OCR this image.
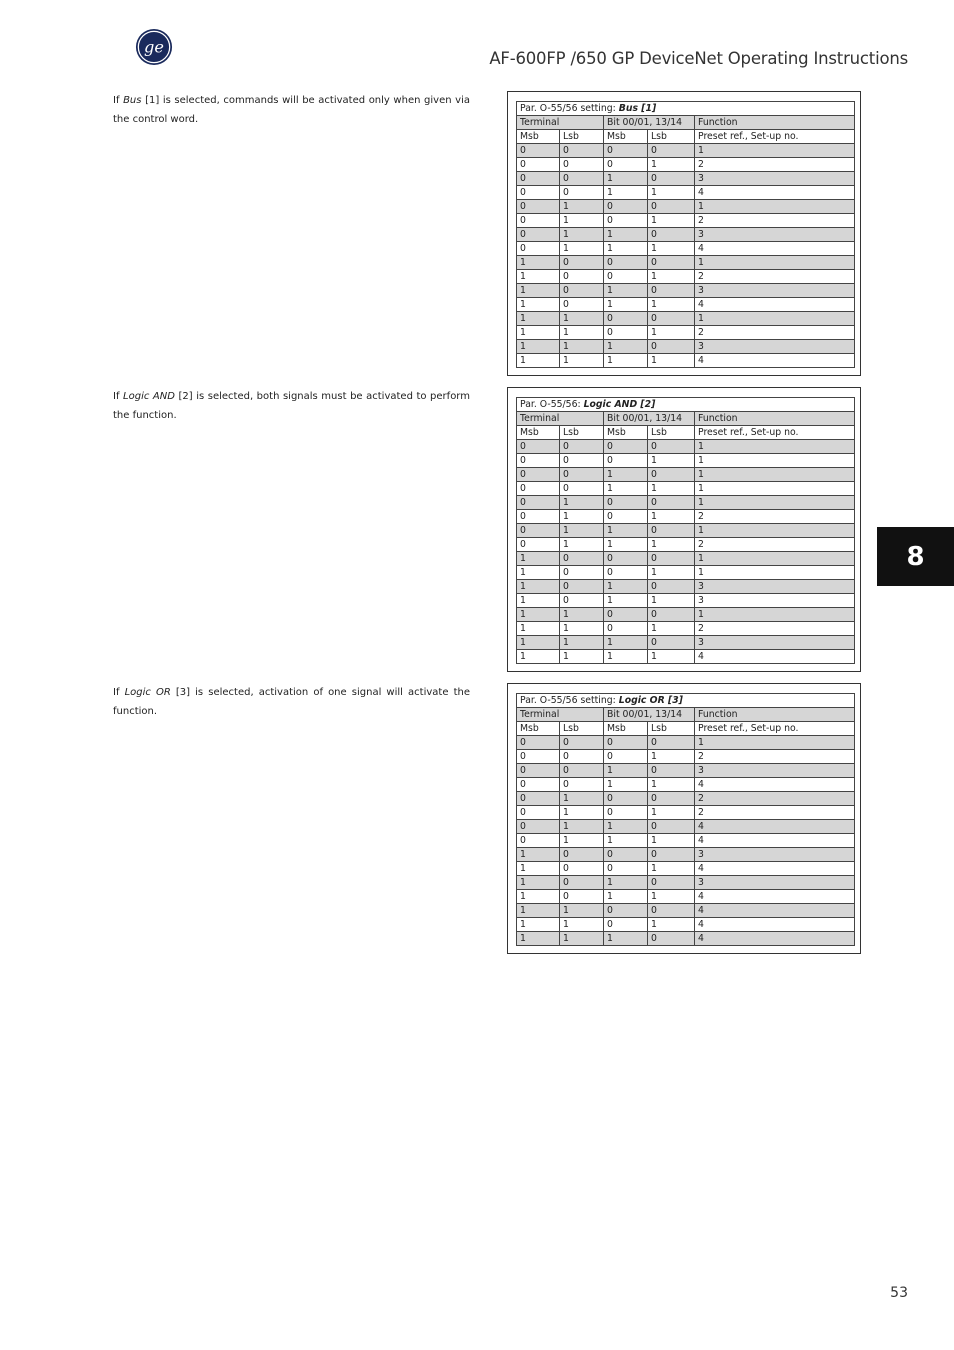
ge
AF-600FP /650 GP DeviceNet Operating Instructions
If Bus [1] is selected, commands will be activated only when given via the control word.
Par. O-55/56 setting: Bus [1]				
Terminal		Bit 00/01, 13/14		Function
Msb	Lsb	Msb	Lsb	Preset ref., Set-up no.
0	0	0	0	1
0	0	0	1	2
0	0	1	0	3
0	0	1	1	4
0	1	0	0	1
0	1	0	1	2
0	1	1	0	3
0	1	1	1	4
1	0	0	0	1
1	0	0	1	2
1	0	1	0	3
1	0	1	1	4
1	1	0	0	1
1	1	0	1	2
1	1	1	0	3
1	1	1	1	4
If Logic AND [2] is selected, both signals must be activated to perform the function.
Par. O-55/56: Logic AND [2]				
Terminal		Bit 00/01, 13/14		Function
Msb	Lsb	Msb	Lsb	Preset ref., Set-up no.
0	0	0	0	1
0	0	0	1	1
0	0	1	0	1
0	0	1	1	1
0	1	0	0	1
0	1	0	1	2
0	1	1	0	1
0	1	1	1	2
1	0	0	0	1
1	0	0	1	1
1	0	1	0	3
1	0	1	1	3
1	1	0	0	1
1	1	0	1	2
1	1	1	0	3
1	1	1	1	4
If Logic OR [3] is selected, activation of one signal will activate the function.
Par. O-55/56 setting: Logic OR [3]				
Terminal		Bit 00/01, 13/14		Function
Msb	Lsb	Msb	Lsb	Preset ref., Set-up no.
0	0	0	0	1
0	0	0	1	2
0	0	1	0	3
0	0	1	1	4
0	1	0	0	2
0	1	0	1	2
0	1	1	0	4
0	1	1	1	4
1	0	0	0	3
1	0	0	1	4
1	0	1	0	3
1	0	1	1	4
1	1	0	0	4
1	1	0	1	4
1	1	1	0	4
8
53
